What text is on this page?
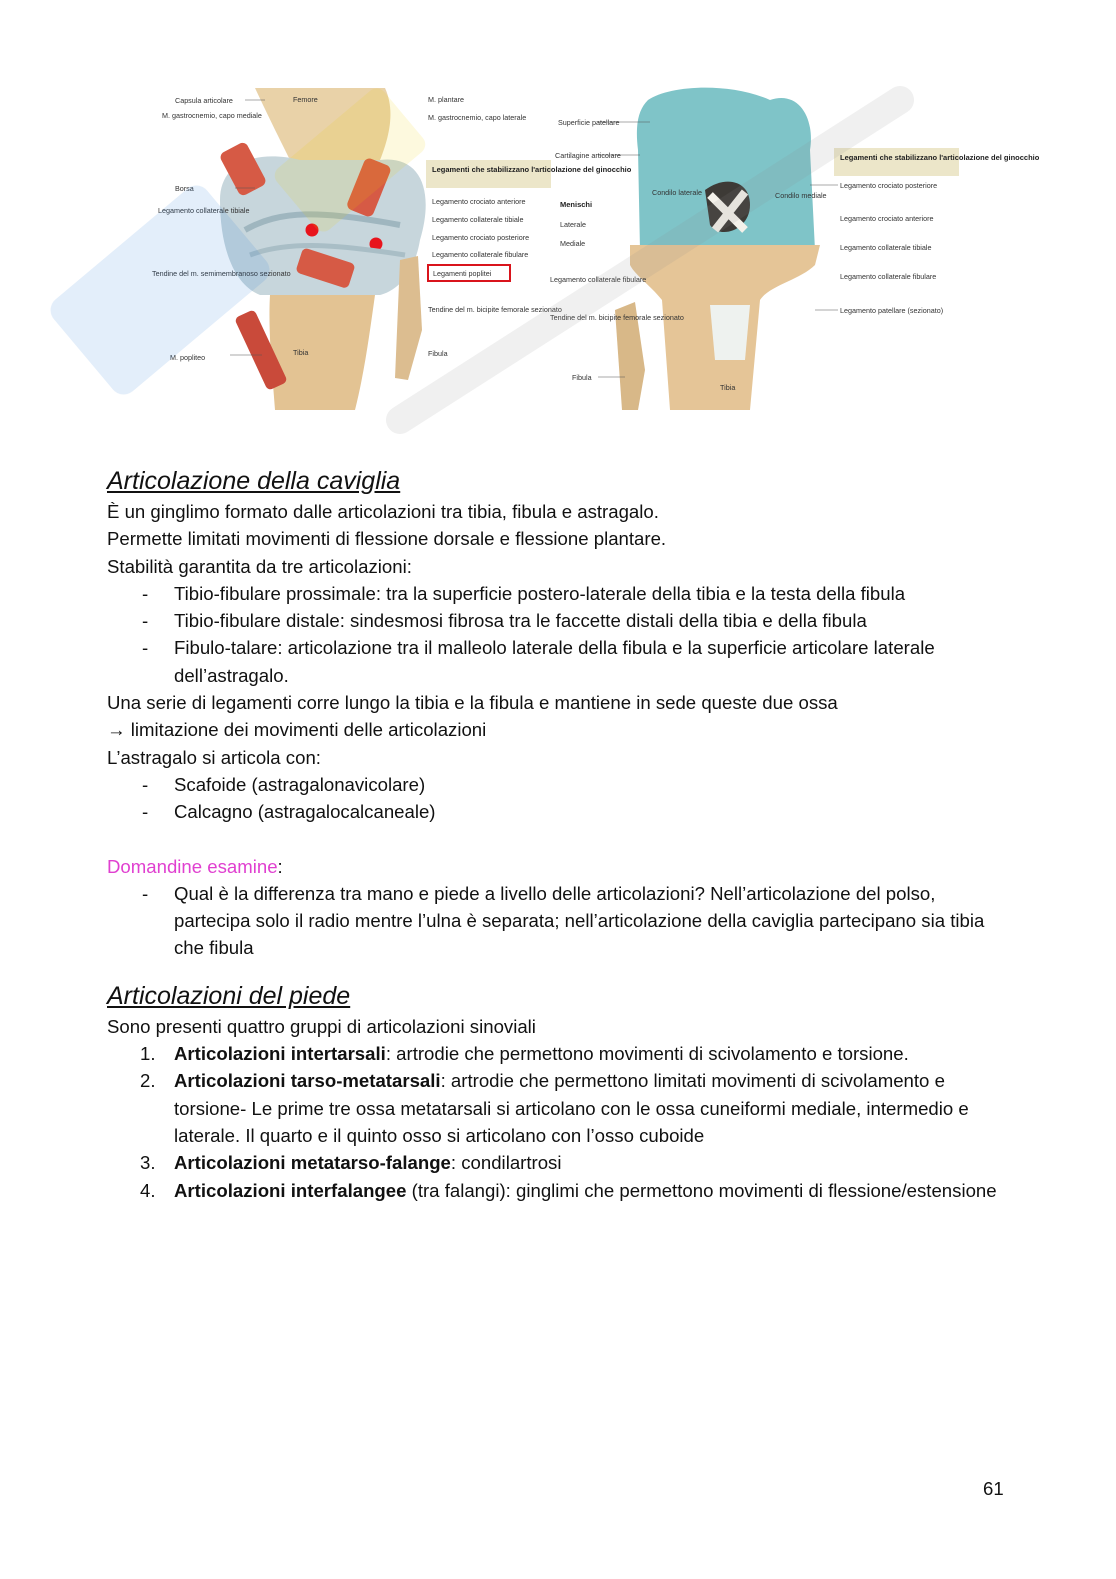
Capsula articolare
M. gastrocnemio, capo mediale
Borsa
Legamento collaterale tibiale
Tendine del m. semimembranoso sezionato
M. popliteo
Tibia
Femore	M. plantare
M. gastrocnemio, capo laterale
Legamenti che stabilizzano l'articolazione del ginocchio
Legamento crociato anteriore
Legamento collaterale tibiale
Legamento crociato posteriore
Legamento collaterale fibulare
Legamenti poplitei
Tendine del m. bicipite femorale sezionato
Fibula
Superficie patellare
Cartilagine articolare
Menischi
Laterale
Mediale
Legamento collaterale fibulare
Tendine del m. bicipite femorale sezionato
Fibula
Condilo laterale	Condilo mediale
Tibia
Legamenti che stabilizzano l'articolazione del ginocchio
Legamento crociato posteriore
Legamento crociato anteriore
Legamento collaterale tibiale
Legamento collaterale fibulare
Legamento patellare (sezionato)
Articolazione della caviglia

È un ginglimo formato dalle articolazioni tra tibia, fibula e astragalo.

Permette limitati movimenti di flessione dorsale e flessione plantare.

Stabilità garantita da tre articolazioni:

- Tibio-fibulare prossimale: tra la superficie postero-laterale della tibia e la testa della fibula
- Tibio-fibulare distale: sindesmosi fibrosa tra le faccette distali della tibia e della fibula
- Fibulo-talare: articolazione tra il malleolo laterale della fibula e la superficie articolare laterale dell’astragalo.

Una serie di legamenti corre lungo la tibia e la fibula e mantiene in sede queste due ossa

→ limitazione dei movimenti delle articolazioni

L’astragalo si articola con:

- Scafoide (astragalonavicolare)
- Calcagno (astragalocalcaneale)

Domandine esamine:

- Qual è la differenza tra mano e piede a livello delle articolazioni? Nell’articolazione del polso, partecipa solo il radio mentre l’ulna è separata; nell’articolazione della caviglia partecipano sia tibia che fibula
Articolazioni del piede

Sono presenti quattro gruppi di articolazioni sinoviali

1. Articolazioni intertarsali: artrodie che permettono movimenti di scivolamento e torsione.
2. Articolazioni tarso-metatarsali: artrodie che permettono limitati movimenti di scivolamento e torsione- Le prime tre ossa metatarsali si articolano con le ossa cuneiformi mediale, intermedio e laterale. Il quarto e il quinto osso si articolano con l’osso cuboide
3. Articolazioni metatarso-falange: condilartrosi
4. Articolazioni interfalangee (tra falangi): ginglimi che permettono movimenti di flessione/estensione
61
